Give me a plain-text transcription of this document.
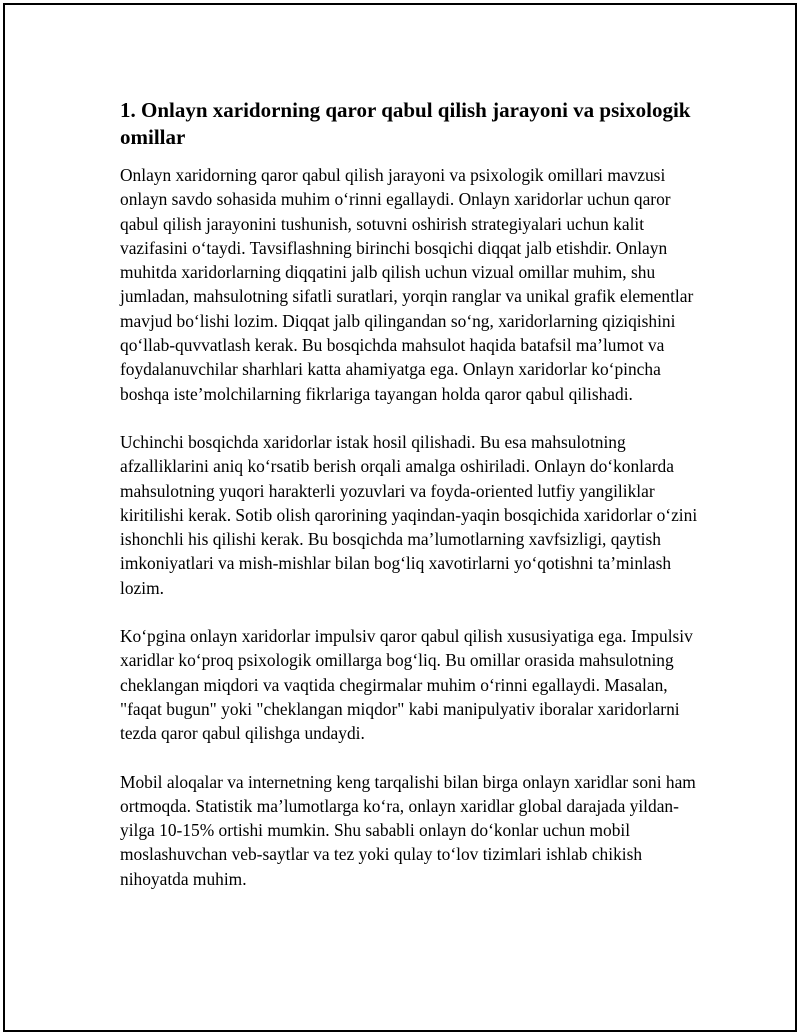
1. Onlayn xaridorning qaror qabul qilish jarayoni va psixologik omillar

Onlayn xaridorning qaror qabul qilish jarayoni va psixologik omillari mavzusi onlayn savdo sohasida muhim o‘rinni egallaydi. Onlayn xaridorlar uchun qaror qabul qilish jarayonini tushunish, sotuvni oshirish strategiyalari uchun kalit vazifasini o‘taydi. Tavsiflashning birinchi bosqichi diqqat jalb etishdir. Onlayn muhitda xaridorlarning diqqatini jalb qilish uchun vizual omillar muhim, shu jumladan, mahsulotning sifatli suratlari, yorqin ranglar va unikal grafik elementlar mavjud bo‘lishi lozim. Diqqat jalb qilingandan so‘ng, xaridorlarning qiziqishini qo‘llab-quvvatlash kerak. Bu bosqichda mahsulot haqida batafsil ma’lumot va foydalanuvchilar sharhlari katta ahamiyatga ega. Onlayn xaridorlar ko‘pincha boshqa iste’molchilarning fikrlariga tayangan holda qaror qabul qilishadi.

Uchinchi bosqichda xaridorlar istak hosil qilishadi. Bu esa mahsulotning afzalliklarini aniq ko‘rsatib berish orqali amalga oshiriladi. Onlayn do‘konlarda mahsulotning yuqori harakterli yozuvlari va foyda-oriented lutfiy yangiliklar kiritilishi kerak. Sotib olish qarorining yaqindan-yaqin bosqichida xaridorlar o‘zini ishonchli his qilishi kerak. Bu bosqichda ma’lumotlarning xavfsizligi, qaytish imkoniyatlari va mish-mishlar bilan bog‘liq xavotirlarni yo‘qotishni ta’minlash lozim.

Ko‘pgina onlayn xaridorlar impulsiv qaror qabul qilish xususiyatiga ega. Impulsiv xaridlar ko‘proq psixologik omillarga bog‘liq. Bu omillar orasida mahsulotning cheklangan miqdori va vaqtida chegirmalar muhim o‘rinni egallaydi. Masalan, "faqat bugun" yoki "cheklangan miqdor" kabi manipulyativ iboralar xaridorlarni tezda qaror qabul qilishga undaydi.

Mobil aloqalar va internetning keng tarqalishi bilan birga onlayn xaridlar soni ham ortmoqda. Statistik ma’lumotlarga ko‘ra, onlayn xaridlar global darajada yildan-yilga 10-15% ortishi mumkin. Shu sababli onlayn do‘konlar uchun mobil moslashuvchan veb-saytlar va tez yoki qulay to‘lov tizimlari ishlab chikish nihoyatda muhim.
